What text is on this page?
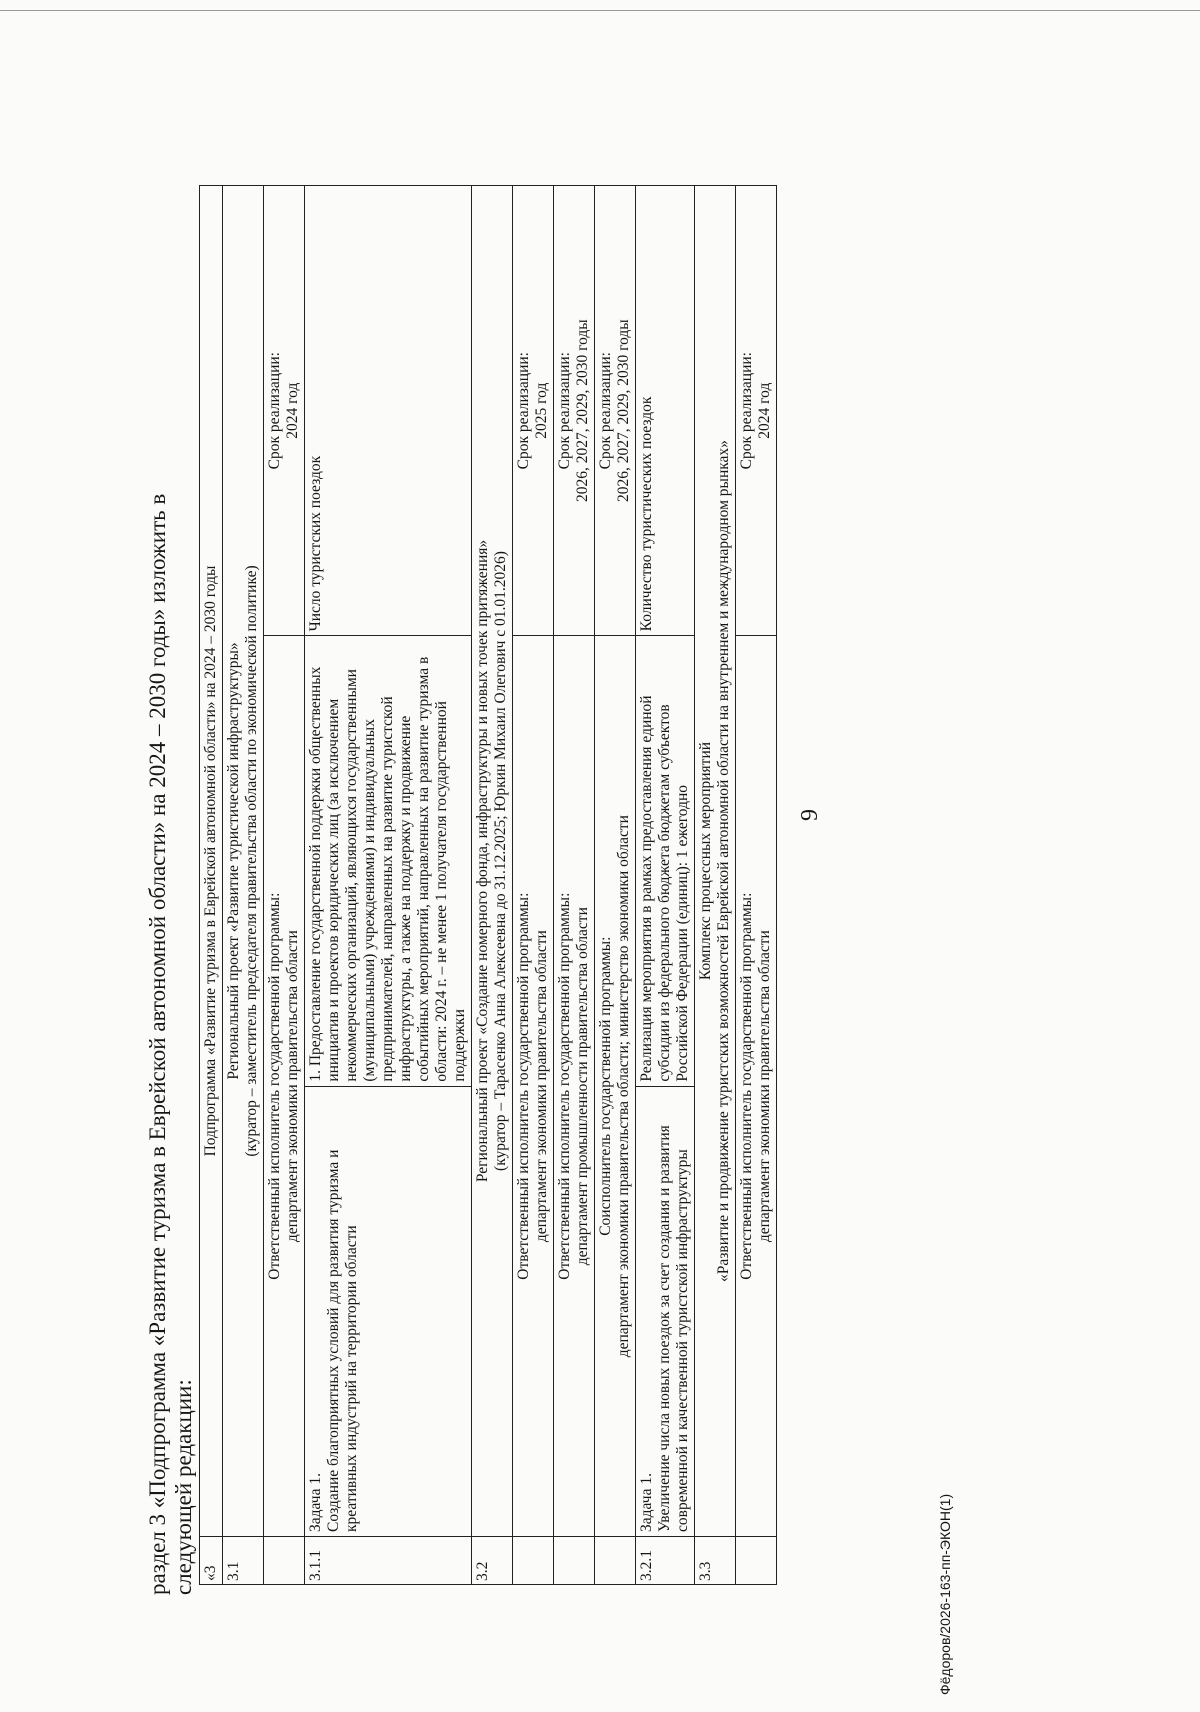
9
Фёдоров/2026-163-пп-ЭКОН(1)
раздел 3 «Подпрограмма «Развитие туризма в Еврейской автономной области» на 2024 – 2030 годы» изложить в следующей редакции: «3	Подпрограмма «Развитие туризма в Еврейской автономной области» на 2024 – 2030 годы		
3.1	Региональный проект «Развитие туристической инфраструктуры» (куратор – заместитель председателя правительства области по экономической политике)		

	Ответственный исполнитель государственной программы: департамент экономики правительства области		Срок реализации: 2024 год

3.1.1	Задача 1. Создание благоприятных условий для развития туризма и креативных индустрий на территории области	1. Предоставление государственной поддержки общественных инициатив и проектов юридических лиц (за исключением некоммерческих организаций, являющихся государственными (муниципальными) учреждениями) и индивидуальных предпринимателей, направленных на развитие туристской инфраструктуры, а также на поддержку и продвижение событийных мероприятий, направленных на развитие туризма в области: 2024 г. – не менее 1 получателя государственной поддержки	Число туристских поездок
3.2	Региональный проект «Создание номерного фонда, инфраструктуры и новых точек притяжения» (куратор – Тарасенко Анна Алексеевна до 31.12.2025; Юркин Михаил Олегович с 01.01.2026)		

	Ответственный исполнитель государственной программы: департамент экономики правительства области		Срок реализации: 2025 год

	Ответственный исполнитель государственной программы: департамент промышленности правительства области		Срок реализации: 2026, 2027, 2029, 2030 годы

	Соисполнитель государственной программы: департамент экономики правительства области; министерство экономики области		Срок реализации: 2026, 2027, 2029, 2030 годы

3.2.1	Задача 1. Увеличение числа новых поездок за счет создания и развития современной и качественной туристской инфраструктуры	Реализация мероприятия в рамках предоставления единой субсидии из федерального бюджета бюджетам субъектов Российской Федерации (единиц): 1 ежегодно	Количество туристических поездок
3.3	Комплекс процессных мероприятий «Развитие и продвижение туристских возможностей Еврейской автономной области на внутреннем и международном рынках»		

	Ответственный исполнитель государственной программы: департамент экономики правительства области		Срок реализации: 2024 год
